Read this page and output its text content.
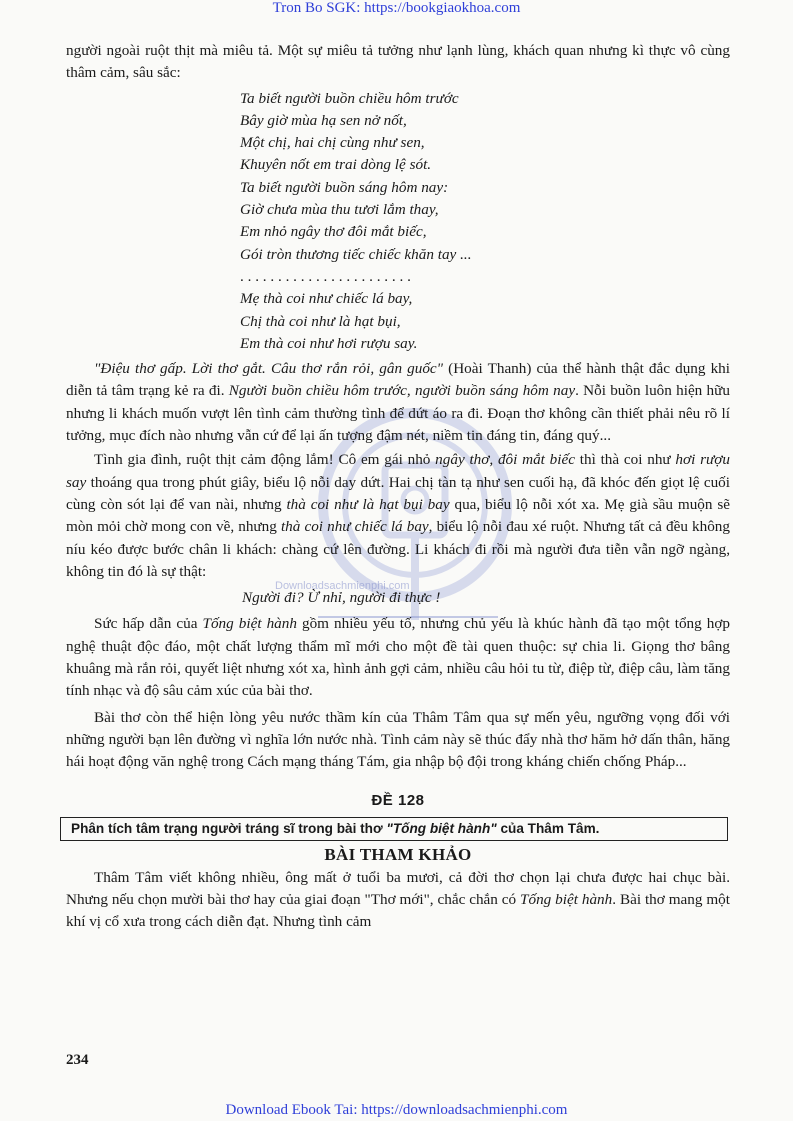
Tron Bo SGK: https://bookgiaokhoa.com
Downloadsachmienphi.com

người ngoài ruột thịt mà miêu tả. Một sự miêu tả tưởng như lạnh lùng, khách quan nhưng kì thực vô cùng thâm cảm, sâu sắc:

Ta biết người buồn chiều hôm trước
Bây giờ mùa hạ sen nở nốt,
Một chị, hai chị cùng như sen,
Khuyên nốt em trai dòng lệ sót.
Ta biết người buồn sáng hôm nay:
Giờ chưa mùa thu tươi lắm thay,
Em nhỏ ngây thơ đôi mắt biếc,
Gói tròn thương tiếc chiếc khăn tay ...
. . . . . . . . . . . . . . . . . . . . . . .
Mẹ thà coi như chiếc lá bay,
Chị thà coi như là hạt bụi,
Em thà coi như hơi rượu say.

"Điệu thơ gấp. Lời thơ gắt. Câu thơ rắn rỏi, gân guốc" (Hoài Thanh) của thể hành thật đắc dụng khi diễn tả tâm trạng kẻ ra đi. Người buồn chiều hôm trước, người buồn sáng hôm nay. Nỗi buồn luôn hiện hữu nhưng li khách muốn vượt lên tình cảm thường tình để dứt áo ra đi. Đoạn thơ không cần thiết phải nêu rõ lí tưởng, mục đích nào nhưng vẫn cứ để lại ấn tượng đậm nét, niềm tin đáng tin, đáng quý...

Tình gia đình, ruột thịt cảm động lắm! Cô em gái nhỏ ngây thơ, đôi mắt biếc thì thà coi như hơi rượu say thoáng qua trong phút giây, biểu lộ nỗi day dứt. Hai chị tàn tạ như sen cuối hạ, đã khóc đến giọt lệ cuối cùng còn sót lại để van nài, nhưng thà coi như là hạt bụi bay qua, biểu lộ nỗi xót xa. Mẹ già sầu muộn sẽ mòn mỏi chờ mong con về, nhưng thà coi như chiếc lá bay, biểu lộ nỗi đau xé ruột. Nhưng tất cả đều không níu kéo được bước chân li khách: chàng cứ lên đường. Li khách đi rồi mà người đưa tiễn vẫn ngỡ ngàng, không tin đó là sự thật:

Người đi? Ừ nhỉ, người đi thực !

Sức hấp dẫn của Tống biệt hành gồm nhiều yếu tố, nhưng chủ yếu là khúc hành đã tạo một tổng hợp nghệ thuật độc đáo, một chất lượng thẩm mĩ mới cho một đề tài quen thuộc: sự chia li. Giọng thơ bâng khuâng mà rắn rỏi, quyết liệt nhưng xót xa, hình ảnh gợi cảm, nhiều câu hỏi tu từ, điệp từ, điệp câu, làm tăng tính nhạc và độ sâu cảm xúc của bài thơ.

Bài thơ còn thể hiện lòng yêu nước thầm kín của Thâm Tâm qua sự mến yêu, ngưỡng vọng đối với những người bạn lên đường vì nghĩa lớn nước nhà. Tình cảm này sẽ thúc đẩy nhà thơ hăm hở dấn thân, hăng hái hoạt động văn nghệ trong Cách mạng tháng Tám, gia nhập bộ đội trong kháng chiến chống Pháp...

ĐỀ 128
Phân tích tâm trạng người tráng sĩ trong bài thơ "Tống biệt hành" của Thâm Tâm.
BÀI THAM KHẢO

Thâm Tâm viết không nhiều, ông mất ở tuổi ba mươi, cả đời thơ chọn lại chưa được hai chục bài. Nhưng nếu chọn mười bài thơ hay của giai đoạn "Thơ mới", chắc chắn có Tống biệt hành. Bài thơ mang một khí vị cổ xưa trong cách diễn đạt. Nhưng tình cảm

234
Download Ebook Tai: https://downloadsachmienphi.com
